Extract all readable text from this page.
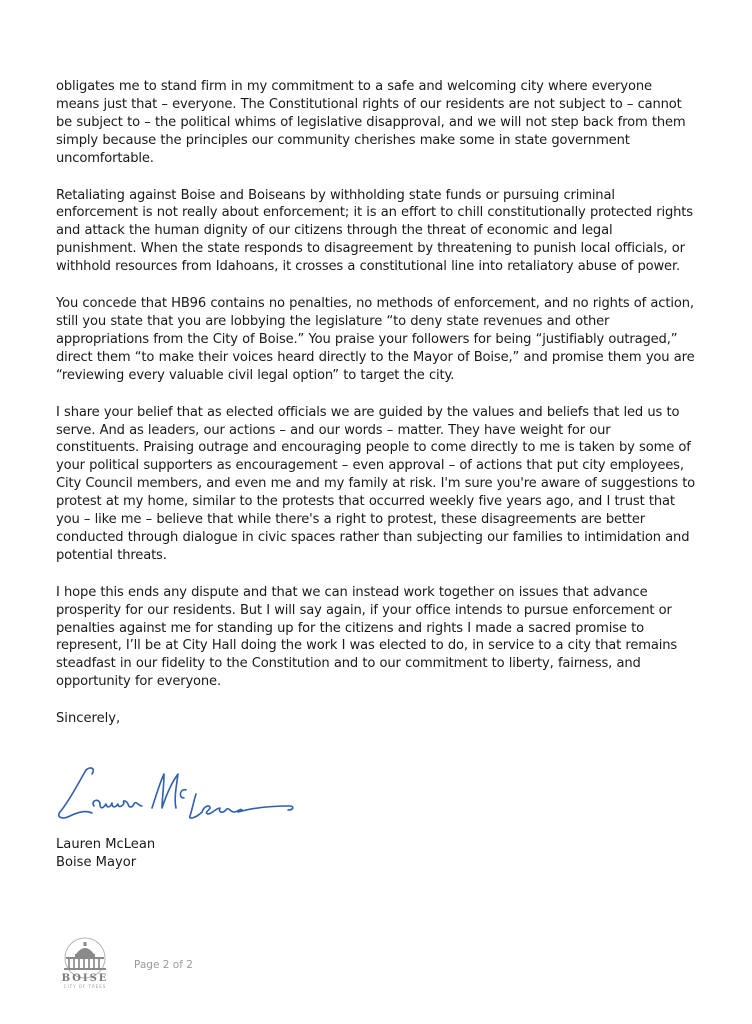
obligates me to stand firm in my commitment to a safe and welcoming city where everyone means just that – everyone. The Constitutional rights of our residents are not subject to – cannot be subject to – the political whims of legislative disapproval, and we will not step back from them simply because the principles our community cherishes make some in state government uncomfortable.

Retaliating against Boise and Boiseans by withholding state funds or pursuing criminal enforcement is not really about enforcement; it is an effort to chill constitutionally protected rights and attack the human dignity of our citizens through the threat of economic and legal punishment. When the state responds to disagreement by threatening to punish local officials, or withhold resources from Idahoans, it crosses a constitutional line into retaliatory abuse of power.

You concede that HB96 contains no penalties, no methods of enforcement, and no rights of action, still you state that you are lobbying the legislature “to deny state revenues and other appropriations from the City of Boise.” You praise your followers for being “justifiably outraged,” direct them “to make their voices heard directly to the Mayor of Boise,” and promise them you are “reviewing every valuable civil legal option” to target the city.

I share your belief that as elected officials we are guided by the values and beliefs that led us to serve. And as leaders, our actions – and our words – matter. They have weight for our constituents. Praising outrage and encouraging people to come directly to me is taken by some of your political supporters as encouragement – even approval – of actions that put city employees, City Council members, and even me and my family at risk. I'm sure you're aware of suggestions to protest at my home, similar to the protests that occurred weekly five years ago, and I trust that you – like me – believe that while there's a right to protest, these disagreements are better conducted through dialogue in civic spaces rather than subjecting our families to intimidation and potential threats.

I hope this ends any dispute and that we can instead work together on issues that advance prosperity for our residents. But I will say again, if your office intends to pursue enforcement or penalties against me for standing up for the citizens and rights I made a sacred promise to represent, I’ll be at City Hall doing the work I was elected to do, in service to a city that remains steadfast in our fidelity to the Constitution and to our commitment to liberty, fairness, and opportunity for everyone.

Sincerely,

Lauren McLean
Boise Mayor
BOISE
CITY OF TREES
Page 2 of 2
